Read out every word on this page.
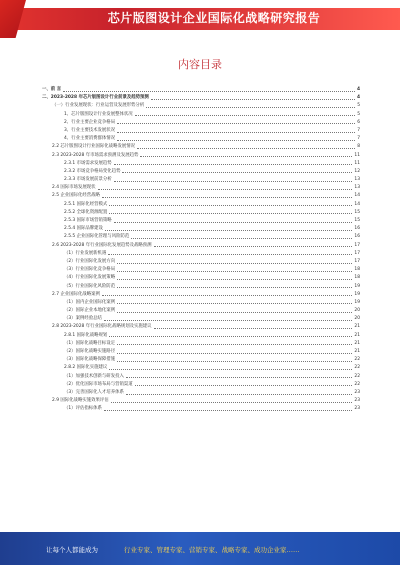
芯片版图设计企业国际化战略研究报告
内容目录
一、前 言	4
二、2023-2028 年芯片版图设计行业前景及趋势预测	4
（一）行业发展现状：行业运营及发展形势分析	5
1、芯片版图设计行业发展整体状况	5
2、行业主要企业竞争格局	6
3、行业主要技术发展状况	7
4、行业主要消费群体情况	7
2.2 芯片版图设计行业国际化战略发展情况	8
2.3 2023-2028 年市场需求预测及发展趋势	11
2.3.1 市场需求发展趋势	11
2.3.2 市场竞争格局变化趋势	12
2.3.3 市场发展前景分析	13
2.4 国际市场发展现状	13
2.5 企业国际化经营战略	14
2.5.1 国际化经营模式	14
2.5.2 全球化资源配置	15
2.5.3 国际市场营销策略	15
2.5.4 国际品牌建设	16
2.5.5 企业国际化管理与风险防范	16
2.6 2023-2028 年行业国际化发展趋势及战略预测	17
（1）行业发展新机遇	17
（2）行业国际化发展方向	17
（3）行业国际化竞争格局	18
（4）行业国际化发展策略	18
（5）行业国际化风险防范	19
2.7 企业国际化战略案例	19
（1）国内企业国际化案例	19
（2）国际企业本地化案例	20
（3）案例经验总结	20
2.8 2023-2028 年行业国际化战略规划及实施建议	21
2.8.1 国际化战略规划	21
（1）国际化战略目标设定	21
（2）国际化战略实施路径	21
（3）国际化战略保障措施	22
2.8.2 国际化实施建议	22
（1）加强技术创新与研发投入	22
（2）优化国际市场布局与营销渠道	22
（3）完善国际化人才培养体系	23
2.9 国际化战略实施效果评估	23
（1）评估指标体系	23
让每个人都能成为	行业专家、管理专家、营销专家、战略专家、成功企业家……
